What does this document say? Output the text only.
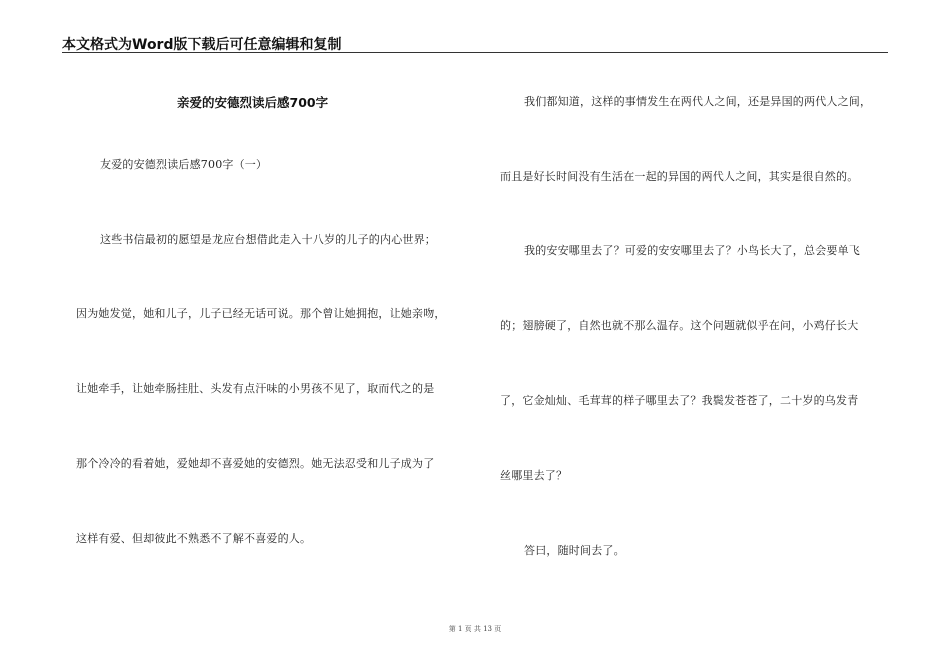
本文格式为Word版下载后可任意编辑和复制
亲爱的安德烈读后感700字
友爱的安德烈读后感700字（一）
这些书信最初的愿望是龙应台想借此走入十八岁的儿子的内心世界；
因为她发觉，她和儿子，儿子已经无话可说。那个曾让她拥抱，让她亲吻，
让她牵手，让她牵肠挂肚、头发有点汗味的小男孩不见了，取而代之的是
那个冷冷的看着她，爱她却不喜爱她的安德烈。她无法忍受和儿子成为了
这样有爱、但却彼此不熟悉不了解不喜爱的人。
我们都知道，这样的事情发生在两代人之间，还是异国的两代人之间，
而且是好长时间没有生活在一起的异国的两代人之间，其实是很自然的。
我的安安哪里去了？可爱的安安哪里去了？小鸟长大了，总会要单飞
的；翅膀硬了，自然也就不那么温存。这个问题就似乎在问，小鸡仔长大
了，它金灿灿、毛茸茸的样子哪里去了？我鬓发苍苍了，二十岁的乌发青
丝哪里去了？
答曰，随时间去了。
第 1 页 共 13 页
